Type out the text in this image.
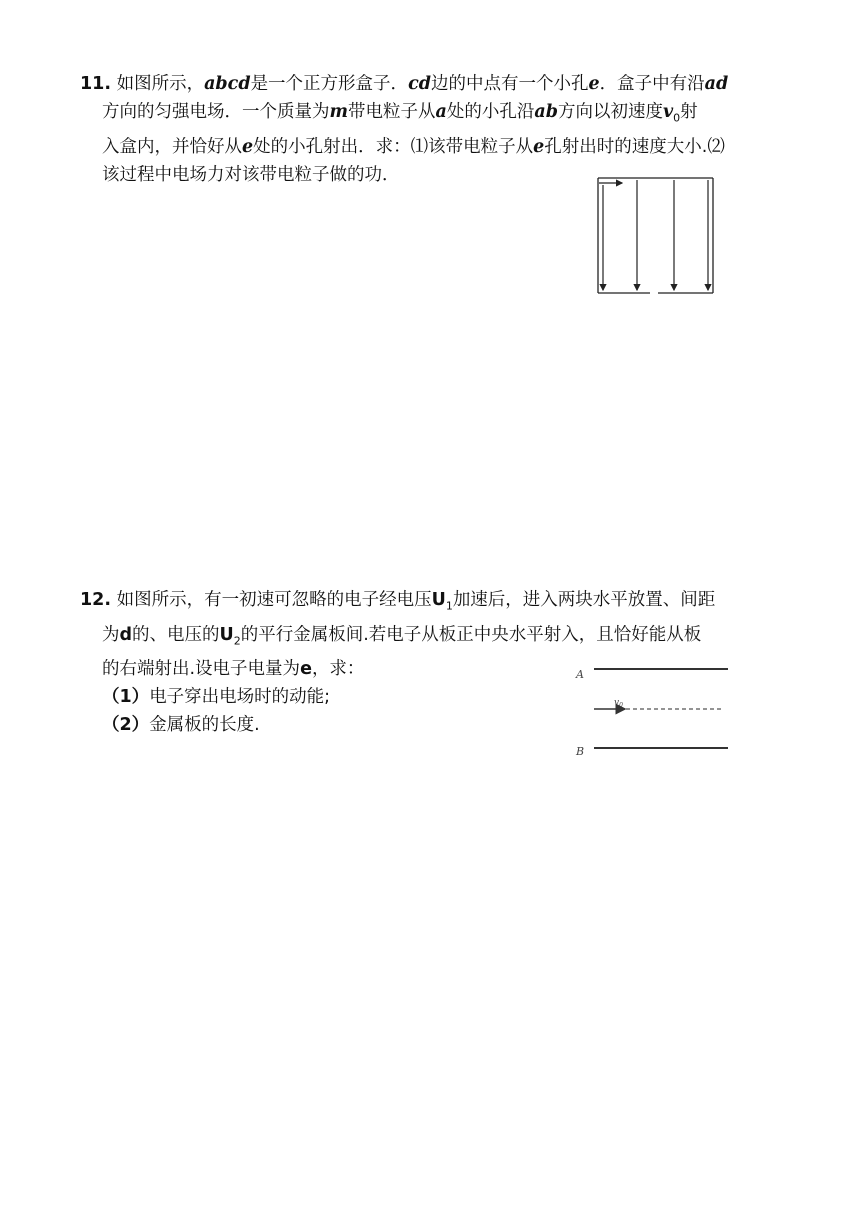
11. 如图所示，abcd是一个正方形盒子．cd边的中点有一个小孔e．盒子中有沿ad

方向的匀强电场．一个质量为m带电粒子从a处的小孔沿ab方向以初速度$v_0$射

入盒内，并恰好从e处的小孔射出．求：⑴该带电粒子从e孔射出时的速度大小.⑵

该过程中电场力对该带电粒子做的功．

12. 如图所示，有一初速可忽略的电子经电压$U_1$加速后，进入两块水平放置、间距

为d的、电压的$U_2$的平行金属板间.若电子从板正中央水平射入，且恰好能从板

的右端射出.设电子电量为e，求：

（1）电子穿出电场时的动能;

（2）金属板的长度.

A
$v_0$
B
